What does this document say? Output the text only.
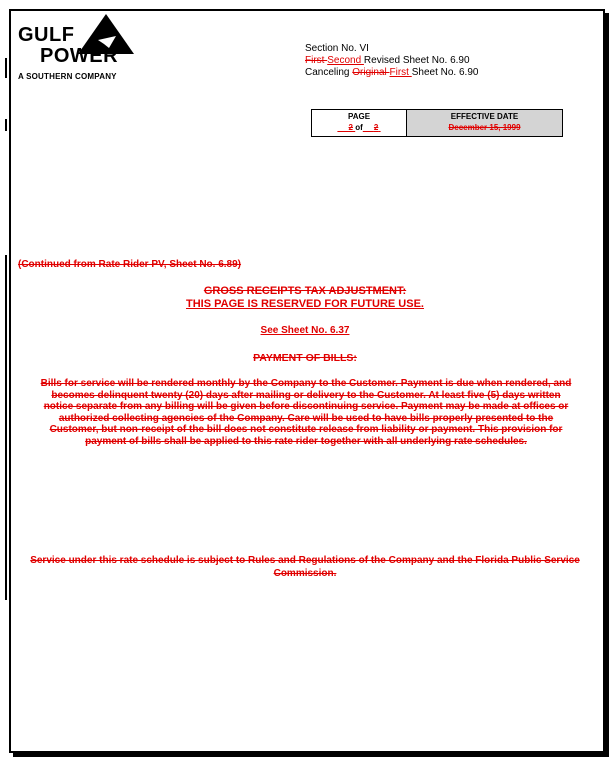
GULF
POWER
A SOUTHERN COMPANY
Section No. VI
First Second Revised Sheet No. 6.90
Canceling Original First Sheet No. 6.90
PAGE
2 of 2
EFFECTIVE DATE
December 15, 1999
(Continued from Rate Rider PV, Sheet No. 6.89)
GROSS RECEIPTS TAX ADJUSTMENT:
THIS PAGE IS RESERVED FOR FUTURE USE.
See Sheet No. 6.37
PAYMENT OF BILLS:
Bills for service will be rendered monthly by the Company to the Customer. Payment is due when rendered, and becomes delinquent twenty (20) days after mailing or delivery to the Customer. At least five (5) days written notice separate from any billing will be given before discontinuing service. Payment may be made at offices or authorized collecting agencies of the Company. Care will be used to have bills properly presented to the Customer, but non-receipt of the bill does not constitute release from liability or payment. This provision for payment of bills shall be applied to this rate rider together with all underlying rate schedules.
Service under this rate schedule is subject to Rules and Regulations of the Company and the Florida Public Service Commission.
